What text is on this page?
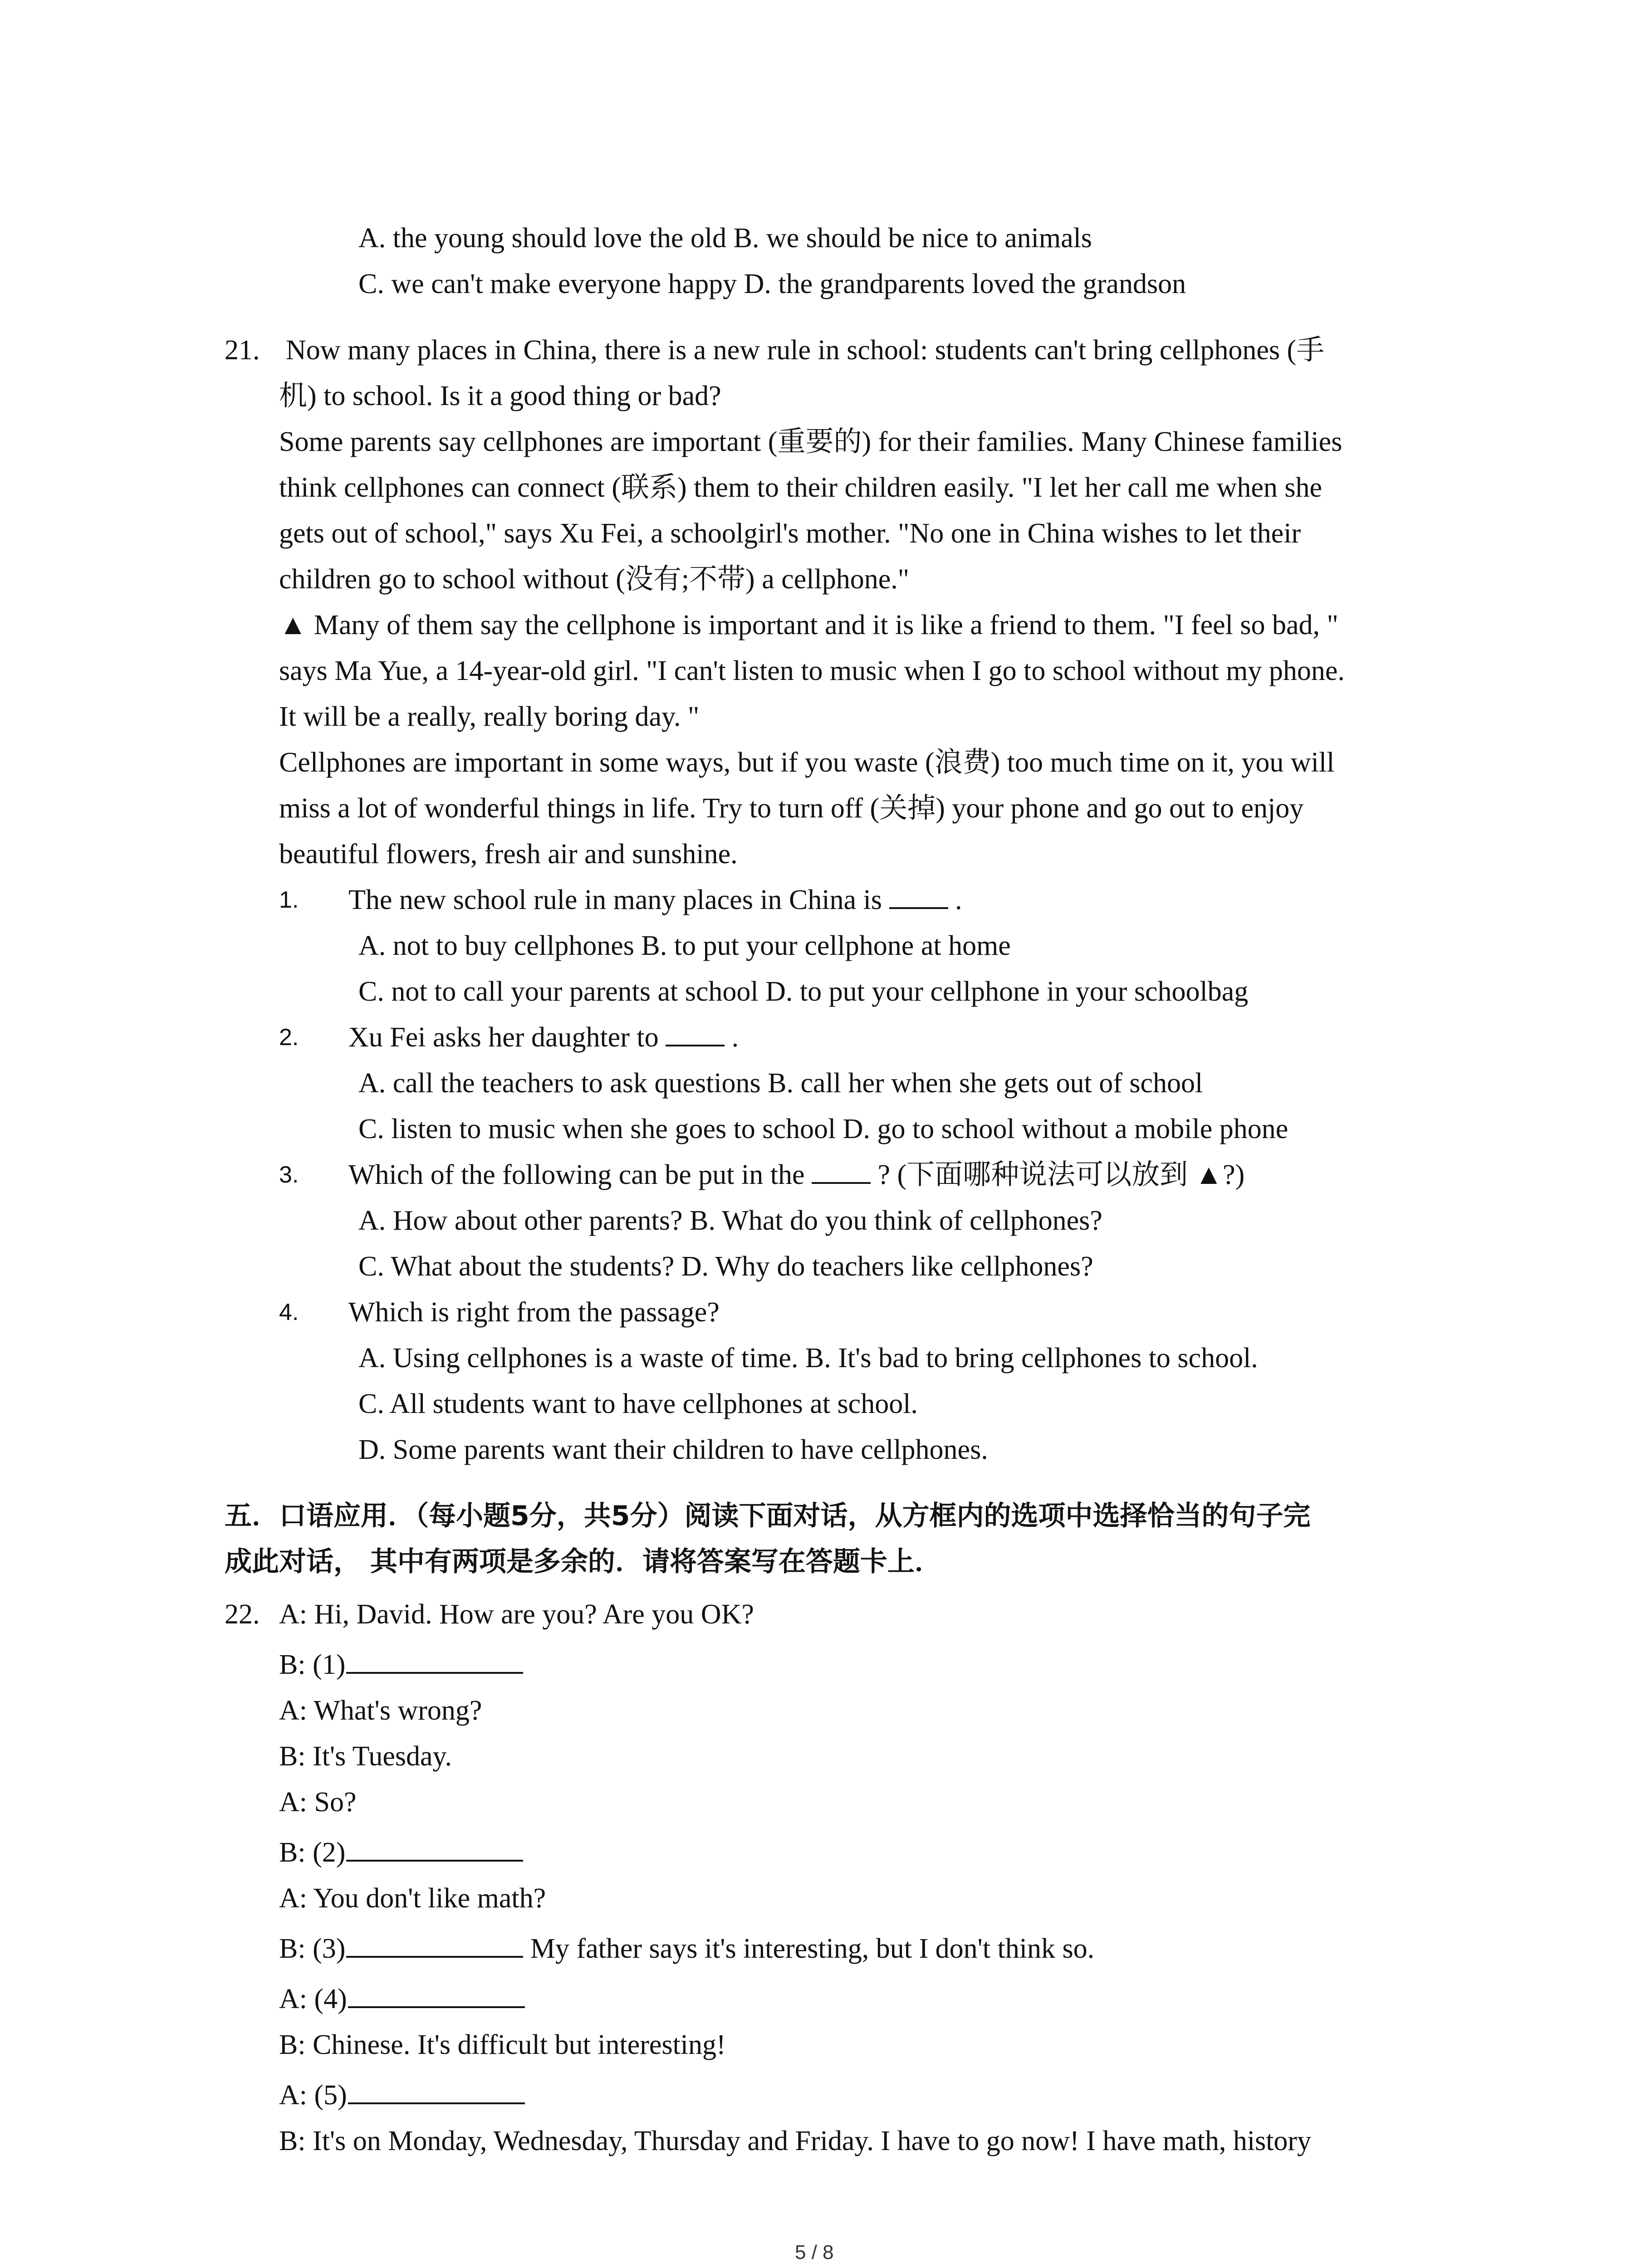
A. the young should love the old B. we should be nice to animals
C. we can't make everyone happy D. the grandparents loved the grandson
21. Now many places in China, there is a new rule in school: students can't bring cellphones (手
机) to school. Is it a good thing or bad?
Some parents say cellphones are important (重要的) for their families. Many Chinese families
think cellphones can connect (联系) them to their children easily. "I let her call me when she
gets out of school," says Xu Fei, a schoolgirl's mother. "No one in China wishes to let their
children go to school without (没有;不带) a cellphone."
▲ Many of them say the cellphone is important and it is like a friend to them. "I feel so bad, "
says Ma Yue, a 14-year-old girl. "I can't listen to music when I go to school without my phone.
It will be a really, really boring day. "
Cellphones are important in some ways, but if you waste (浪费) too much time on it, you will
miss a lot of wonderful things in life. Try to turn off (关掉) your phone and go out to enjoy
beautiful flowers, fresh air and sunshine.
1. The new school rule in many places in China is  .
A. not to buy cellphones B. to put your cellphone at home
C. not to call your parents at school D. to put your cellphone in your schoolbag
2. Xu Fei asks her daughter to  .
A. call the teachers to ask questions B. call her when she gets out of school
C. listen to music when she goes to school D. go to school without a mobile phone
3. Which of the following can be put in the  ? (下面哪种说法可以放到 ▲?)
A. How about other parents? B. What do you think of cellphones?
C. What about the students? D. Why do teachers like cellphones?
4. Which is right from the passage?
A. Using cellphones is a waste of time. B. It's bad to bring cellphones to school.
C. All students want to have cellphones at school.
D. Some parents want their children to have cellphones.
五．口语应用．（每小题5分，共5分）阅读下面对话，从方框内的选项中选择恰当的句子完
成此对话， 其中有两项是多余的．请将答案写在答题卡上．
22. A: Hi, David. How are you? Are you OK?
B: (1)
A: What's wrong?
B: It's Tuesday.
A: So?
B: (2)
A: You don't like math?
B: (3)	My father says it's interesting, but I don't think so.
A: (4)
B: Chinese. It's difficult but interesting!
A: (5)
B: It's on Monday, Wednesday, Thursday and Friday. I have to go now! I have math, history
5 / 8
